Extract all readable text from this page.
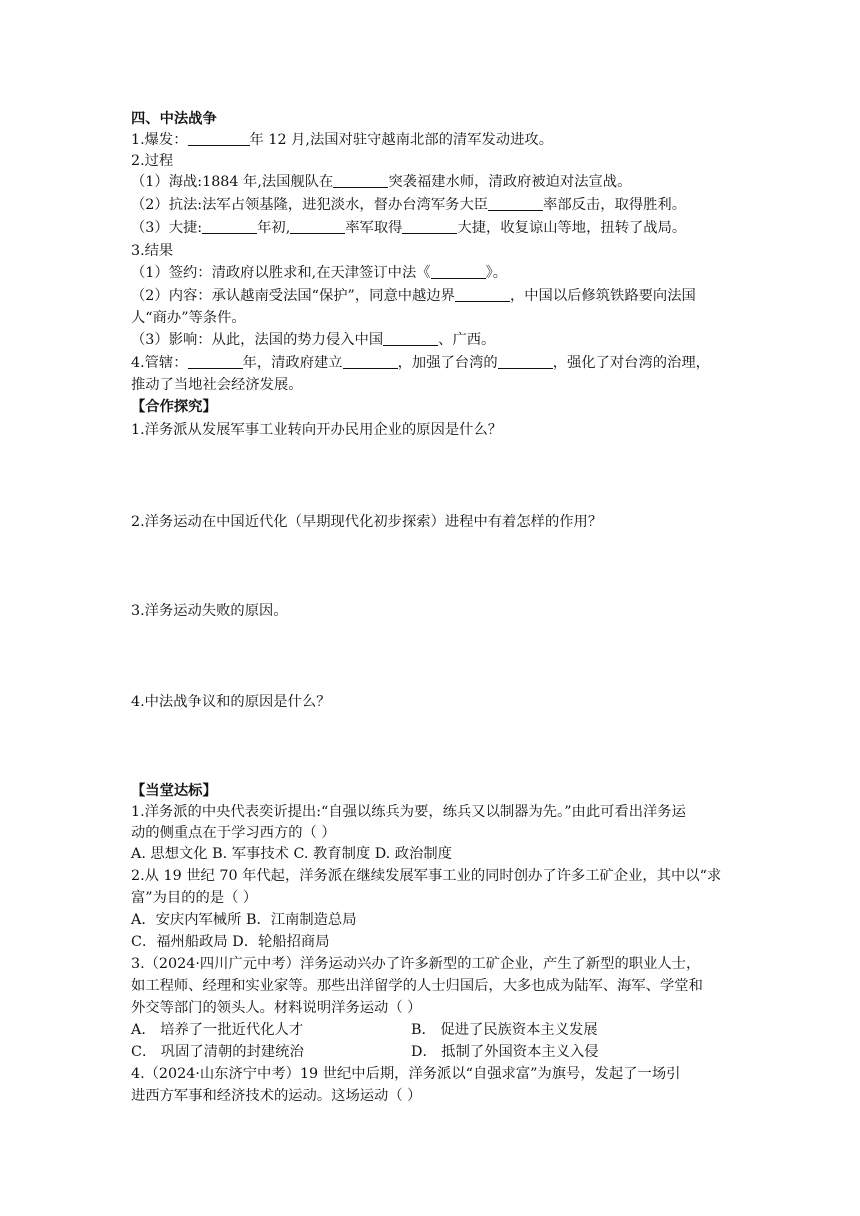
四、中法战争
1.爆发：	年 12 月,法国对驻守越南北部的清军发动进攻。
2.过程
（1）海战:1884 年,法国舰队在	突袭福建水师，清政府被迫对法宣战。
（2）抗法:法军占领基隆，进犯淡水，督办台湾军务大臣	率部反击，取得胜利。
（3）大捷:	年初,	率军取得	大捷，收复谅山等地，扭转了战局。
3.结果
（1）签约：清政府以胜求和,在天津签订中法《	》。
（2）内容：承认越南受法国“保护”，同意中越边界	，中国以后修筑铁路要向法国
人“商办”等条件。
（3）影响：从此，法国的势力侵入中国	、广西。
4.管辖：	年，清政府建立	，加强了台湾的	，强化了对台湾的治理，
推动了当地社会经济发展。
【合作探究】
1.洋务派从发展军事工业转向开办民用企业的原因是什么？
2.洋务运动在中国近代化（早期现代化初步探索）进程中有着怎样的作用？
3.洋务运动失败的原因。
4.中法战争议和的原因是什么？
【当堂达标】
1.洋务派的中央代表奕䜣提出:“自强以练兵为要，练兵又以制器为先。”由此可看出洋务运
动的侧重点在于学习西方的（ ）
A. 思想文化 B. 军事技术 C. 教育制度 D. 政治制度
2.从 19 世纪 70 年代起，洋务派在继续发展军事工业的同时创办了许多工矿企业，其中以“求
富”为目的的是（ ）
A．安庆内军械所 B．江南制造总局
C．福州船政局 D．轮船招商局
3.（2024·四川广元中考）洋务运动兴办了许多新型的工矿企业，产生了新型的职业人士，
如工程师、经理和实业家等。那些出洋留学的人士归国后，大多也成为陆军、海军、学堂和
外交等部门的领头人。材料说明洋务运动（ ）
A． 培养了一批近代化人才	B． 促进了民族资本主义发展
C． 巩固了清朝的封建统治	D． 抵制了外国资本主义入侵
4.（2024·山东济宁中考）19 世纪中后期，洋务派以“自强求富”为旗号，发起了一场引
进西方军事和经济技术的运动。这场运动（ ）
